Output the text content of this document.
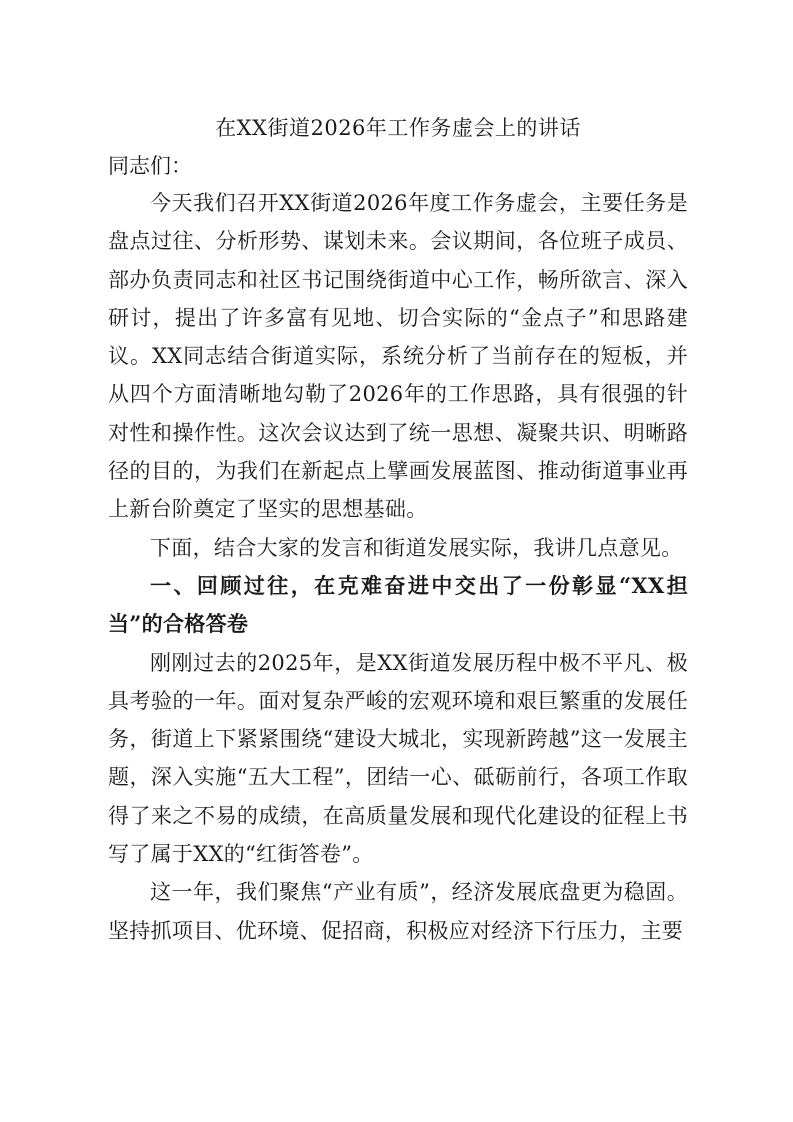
在XX街道2026年工作务虚会上的讲话

同志们：

今天我们召开XX街道2026年度工作务虚会，主要任务是盘点过往、分析形势、谋划未来。会议期间，各位班子成员、部办负责同志和社区书记围绕街道中心工作，畅所欲言、深入研讨，提出了许多富有见地、切合实际的“金点子”和思路建议。XX同志结合街道实际，系统分析了当前存在的短板，并从四个方面清晰地勾勒了2026年的工作思路，具有很强的针对性和操作性。这次会议达到了统一思想、凝聚共识、明晰路径的目的，为我们在新起点上擘画发展蓝图、推动街道事业再上新台阶奠定了坚实的思想基础。

下面，结合大家的发言和街道发展实际，我讲几点意见。

一、回顾过往，在克难奋进中交出了一份彰显“XX担当”的合格答卷

刚刚过去的2025年，是XX街道发展历程中极不平凡、极具考验的一年。面对复杂严峻的宏观环境和艰巨繁重的发展任务，街道上下紧紧围绕“建设大城北，实现新跨越”这一发展主题，深入实施“五大工程”，团结一心、砥砺前行，各项工作取得了来之不易的成绩，在高质量发展和现代化建设的征程上书写了属于XX的“红街答卷”。

这一年，我们聚焦“产业有质”，经济发展底盘更为稳固。坚持抓项目、优环境、促招商，积极应对经济下行压力，主要
